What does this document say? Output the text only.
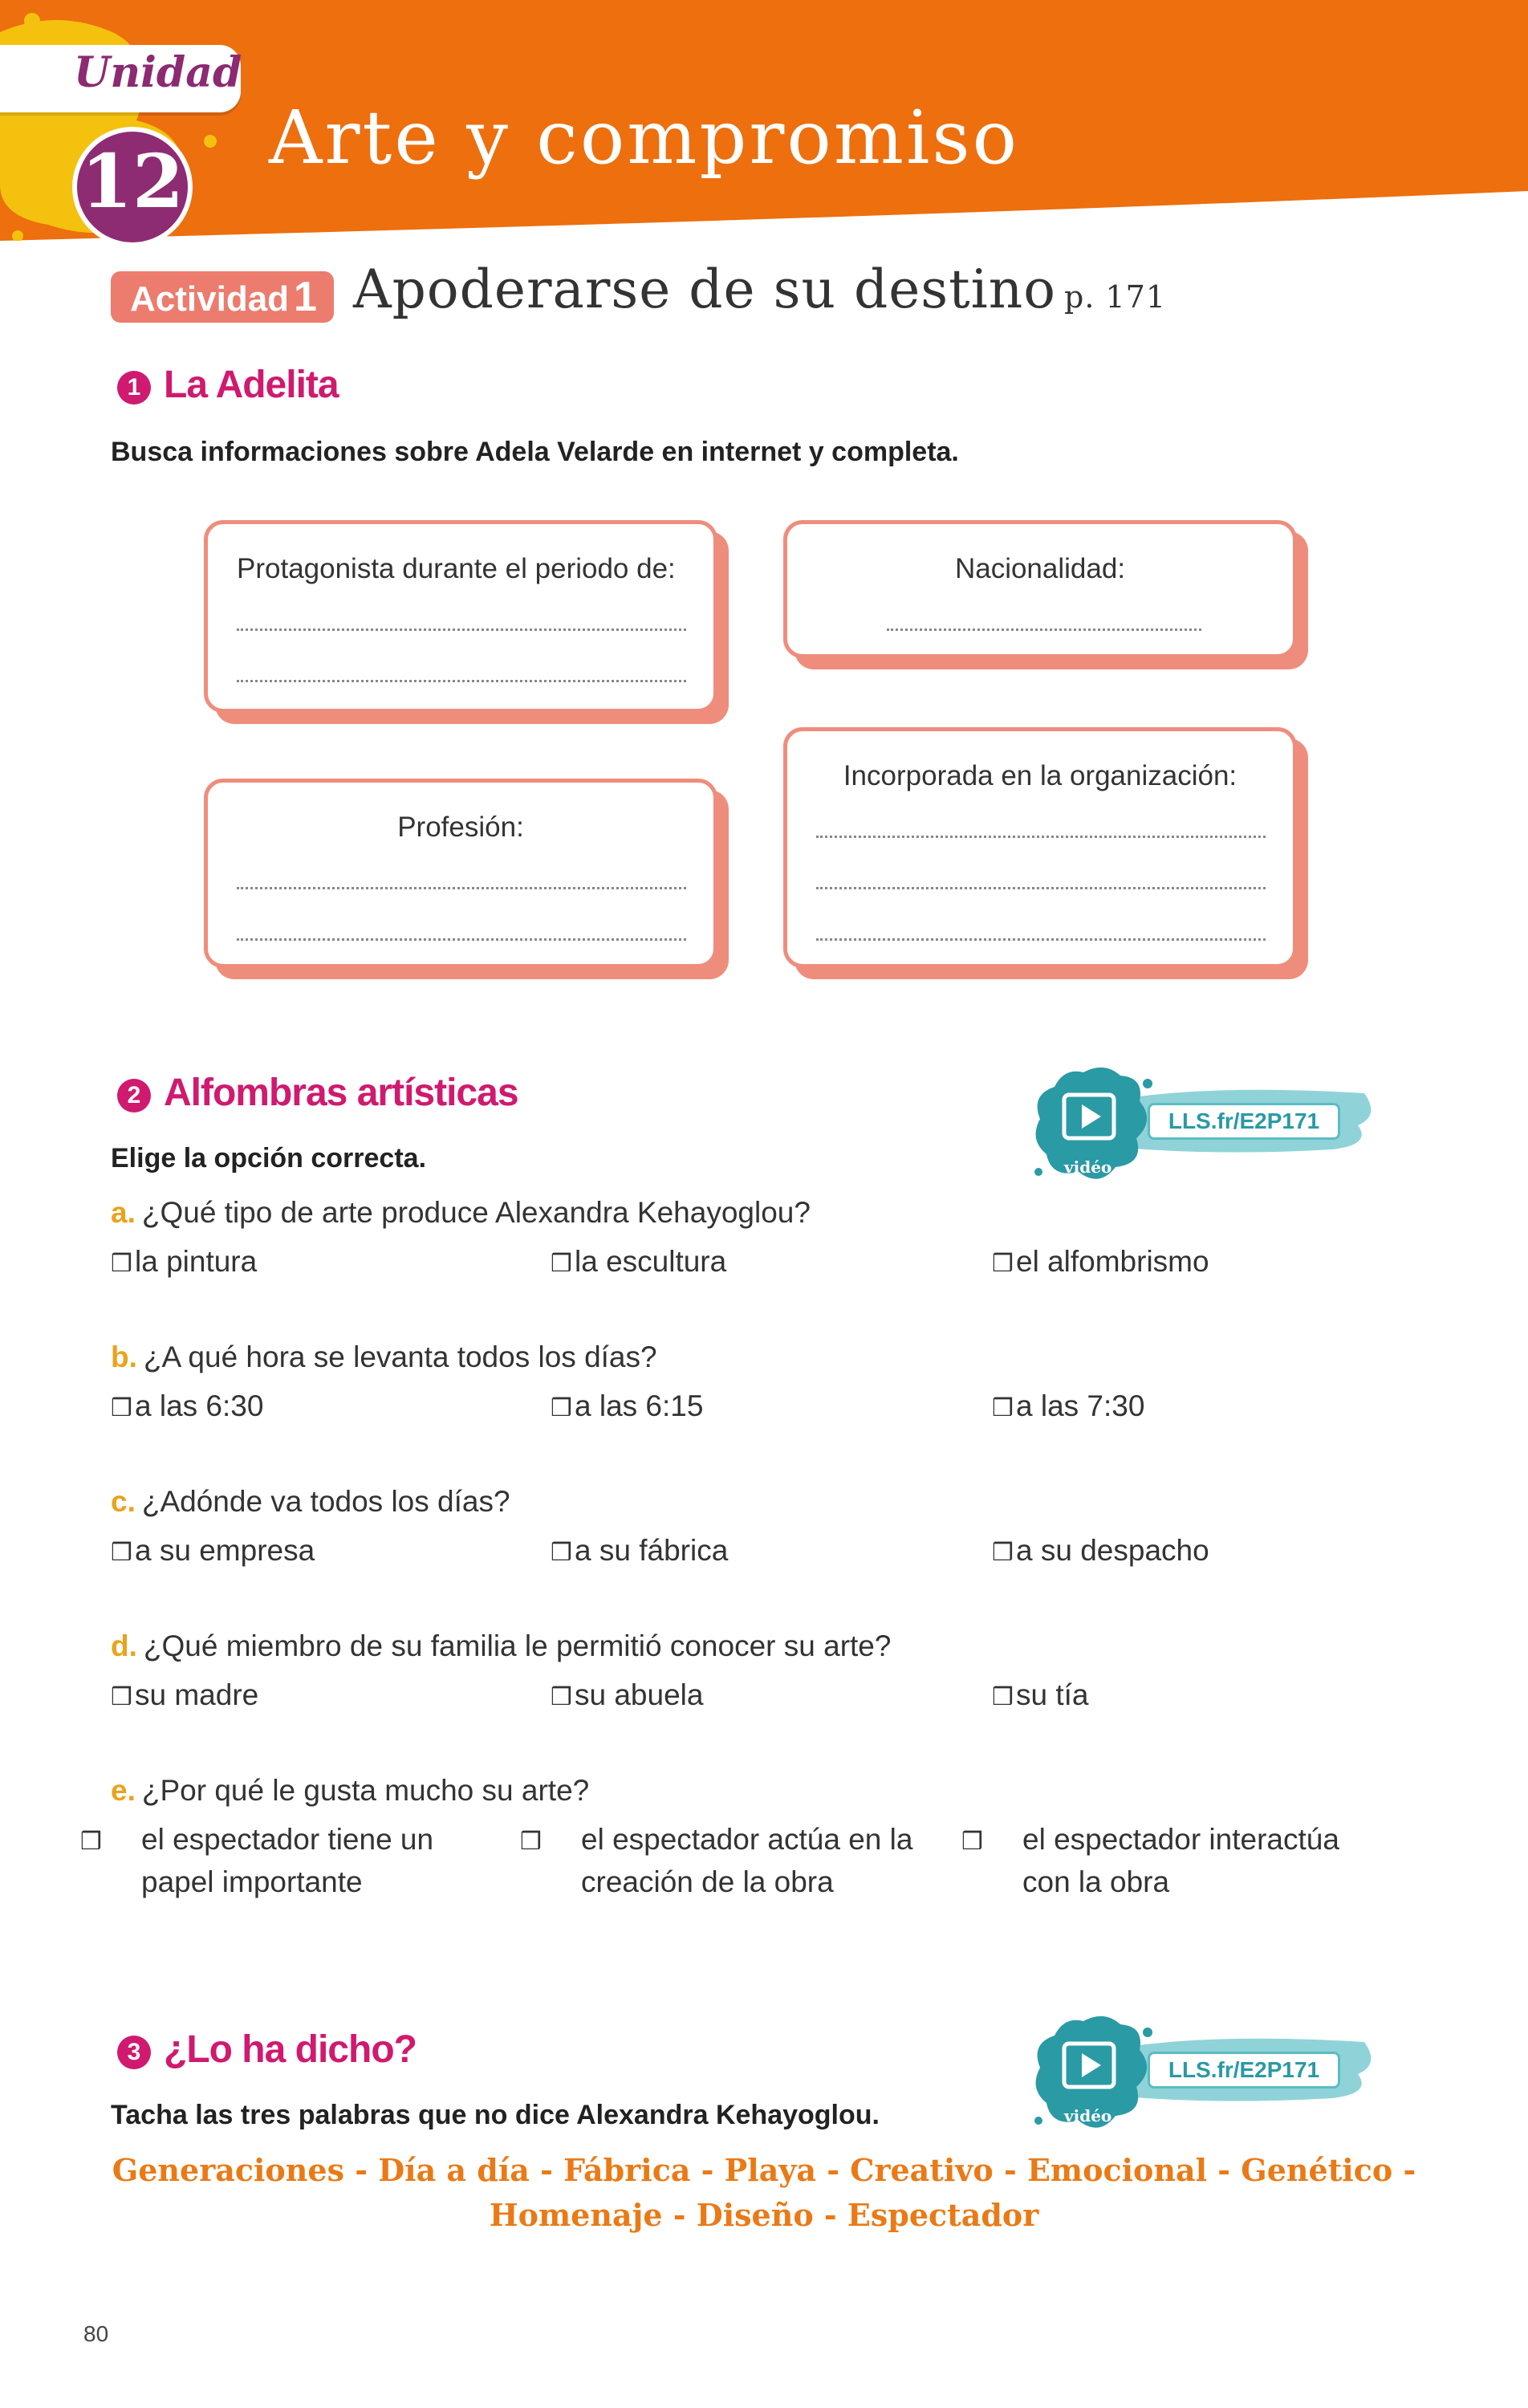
Unidad
12
Arte y compromiso
Actividad 1 Apoderarse de su destino p. 171
1 La Adelita
Busca informaciones sobre Adela Velarde en internet y completa.
Protagonista durante el periodo de:	Nacionalidad:
Incorporada en la organización:
Profesión:
2 Alfombras artísticas
Elige la opción correcta.
LLS.fr/E2P171
vidéo
a. ¿Qué tipo de arte produce Alexandra Kehayoglou?
❒la pintura	❒la escultura	❒el alfombrismo
b. ¿A qué hora se levanta todos los días?
❒a las 6:30	❒a las 6:15	❒a las 7:30
c. ¿Adónde va todos los días?
❒a su empresa	❒a su fábrica	❒a su despacho
d. ¿Qué miembro de su familia le permitió conocer su arte?
❒su madre	❒su abuela	❒su tía
e. ¿Por qué le gusta mucho su arte?
❒ el espectador tiene un papel importante
❒ el espectador actúa en la creación de la obra
❒ el espectador interactúa con la obra
3 ¿Lo ha dicho?
Tacha las tres palabras que no dice Alexandra Kehayoglou.
LLS.fr/E2P171
vidéo
Generaciones - Día a día - Fábrica - Playa - Creativo - Emocional - Genético -
Homenaje - Diseño - Espectador
80
